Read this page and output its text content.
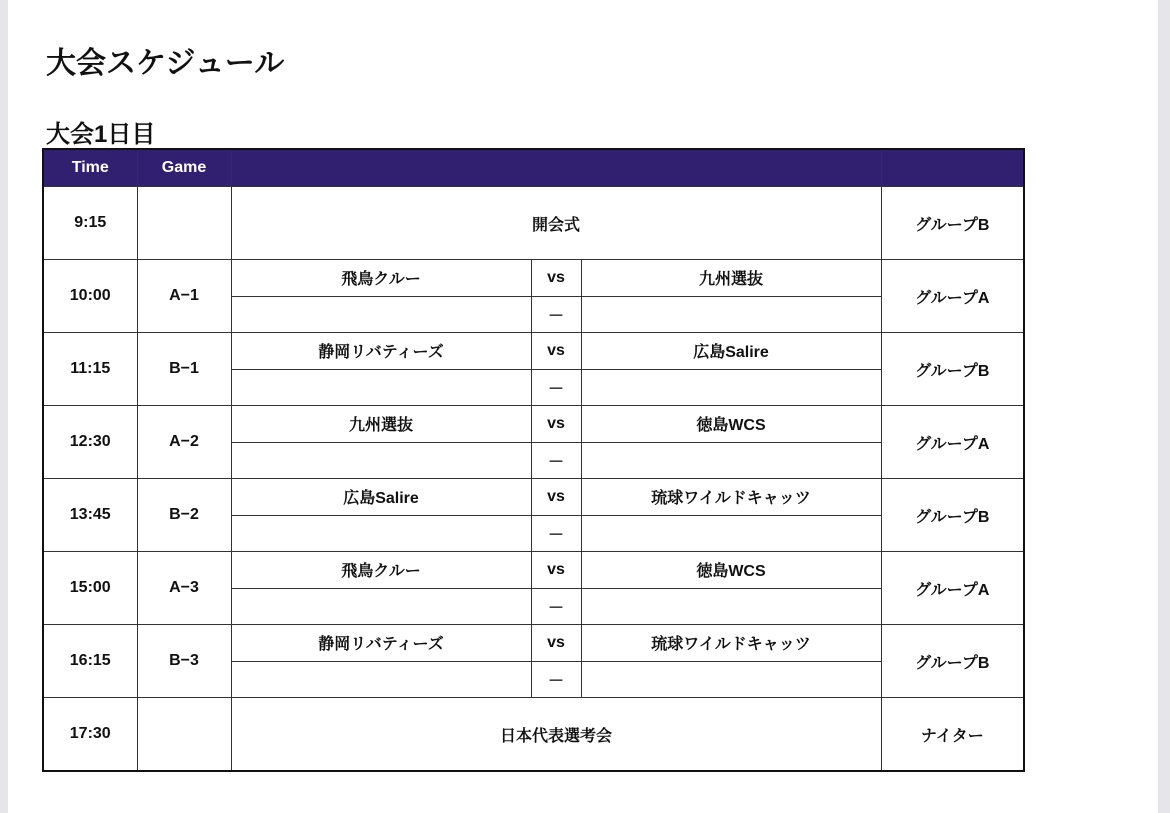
大会スケジュール
大会1日目
Time	Game				
9:15		開会式			グループB
10:00	A−1	飛鳥クルー	vs	九州選抜	グループA
			－		
11:15	B−1	静岡リバティーズ	vs	広島Salire	グループB
			－		
12:30	A−2	九州選抜	vs	徳島WCS	グループA
			－		
13:45	B−2	広島Salire	vs	琉球ワイルドキャッツ	グループB
			－		
15:00	A−3	飛鳥クルー	vs	徳島WCS	グループA
			－		
16:15	B−3	静岡リバティーズ	vs	琉球ワイルドキャッツ	グループB
			－		
17:30		日本代表選考会			ナイター
